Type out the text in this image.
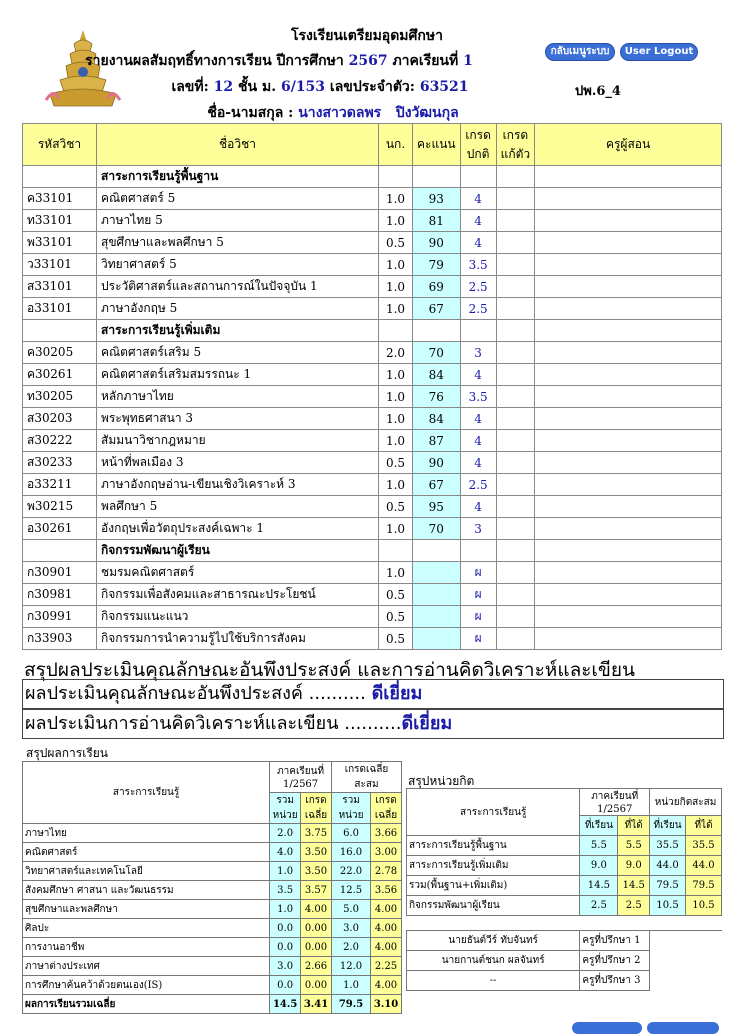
โรงเรียนเตรียมอุดมศึกษา
รายงานผลสัมฤทธิ์ทางการเรียน ปีการศึกษา 2567 ภาคเรียนที่ 1
เลขที่: 12 ชั้น ม. 6/153 เลขประจำตัว: 63521
ชื่อ-นามสกุล : นางสาวดลพร   ปิงวัฒนกุล
กลับเมนูระบบ	User Logout
ปพ.6_4
รหัสวิชา	ชื่อวิชา	นก.	คะแนน	เกรด ปกติ	เกรด แก้ตัว	ครูผู้สอน
	สาระการเรียนรู้พื้นฐาน					
ค33101	คณิตศาสตร์ 5	1.0	93	4		
ท33101	ภาษาไทย 5	1.0	81	4		
พ33101	สุขศึกษาและพลศึกษา 5	0.5	90	4		
ว33101	วิทยาศาสตร์ 5	1.0	79	3.5		
ส33101	ประวัติศาสตร์และสถานการณ์ในปัจจุบัน 1	1.0	69	2.5		
อ33101	ภาษาอังกฤษ 5	1.0	67	2.5		
	สาระการเรียนรู้เพิ่มเติม					
ค30205	คณิตศาสตร์เสริม 5	2.0	70	3		
ค30261	คณิตศาสตร์เสริมสมรรถนะ 1	1.0	84	4		
ท30205	หลักภาษาไทย	1.0	76	3.5		
ส30203	พระพุทธศาสนา 3	1.0	84	4		
ส30222	สัมมนาวิชากฎหมาย	1.0	87	4		
ส30233	หน้าที่พลเมือง 3	0.5	90	4		
อ33211	ภาษาอังกฤษอ่าน-เขียนเชิงวิเคราะห์ 3	1.0	67	2.5		
พ30215	พลศึกษา 5	0.5	95	4		
อ30261	อังกฤษเพื่อวัตถุประสงค์เฉพาะ 1	1.0	70	3		
	กิจกรรมพัฒนาผู้เรียน					
ก30901	ชมรมคณิตศาสตร์	1.0		ผ		
ก30981	กิจกรรมเพื่อสังคมและสาธารณะประโยชน์	0.5		ผ		
ก30991	กิจกรรมแนะแนว	0.5		ผ		
ก33903	กิจกรรมการนำความรู้ไปใช้บริการสังคม	0.5		ผ		
สรุปผลประเมินคุณลักษณะอันพึงประสงค์ และการอ่านคิดวิเคราะห์และเขียน
ผลประเมินคุณลักษณะอันพึงประสงค์ .......... ดีเยี่ยม
ผลประเมินการอ่านคิดวิเคราะห์และเขียน ..........ดีเยี่ยม
สรุปผลการเรียน
สาระการเรียนรู้	ภาคเรียนที่ 1/2567		เกรดเฉลี่ยสะสม	
	รวม หน่วย	เกรด เฉลี่ย	รวม หน่วย	เกรด เฉลี่ย
ภาษาไทย	2.0	3.75	6.0	3.66
คณิตศาสตร์	4.0	3.50	16.0	3.00
วิทยาศาสตร์และเทคโนโลยี	1.0	3.50	22.0	2.78
สังคมศึกษา ศาสนา และวัฒนธรรม	3.5	3.57	12.5	3.56
สุขศึกษาและพลศึกษา	1.0	4.00	5.0	4.00
ศิลปะ	0.0	0.00	3.0	4.00
การงานอาชีพ	0.0	0.00	2.0	4.00
ภาษาต่างประเทศ	3.0	2.66	12.0	2.25
การศึกษาค้นคว้าด้วยตนเอง(IS)	0.0	0.00	1.0	4.00
ผลการเรียนรวมเฉลี่ย	14.5	3.41	79.5	3.10
สรุปหน่วยกิต
สาระการเรียนรู้	ภาคเรียนที่ 1/2567		หน่วยกิตสะสม	
	ที่เรียน	ที่ได้	ที่เรียน	ที่ได้
สาระการเรียนรู้พื้นฐาน	5.5	5.5	35.5	35.5
สาระการเรียนรู้เพิ่มเติม	9.0	9.0	44.0	44.0
รวม(พื้นฐาน+เพิ่มเติม)	14.5	14.5	79.5	79.5
กิจกรรมพัฒนาผู้เรียน	2.5	2.5	10.5	10.5

นายธันต์วีร์ ทับจันทร์	ครูที่ปรึกษา 1			
นายกานต์ชนก ผลจันทร์	ครูที่ปรึกษา 2			
--	ครูที่ปรึกษา 3			
